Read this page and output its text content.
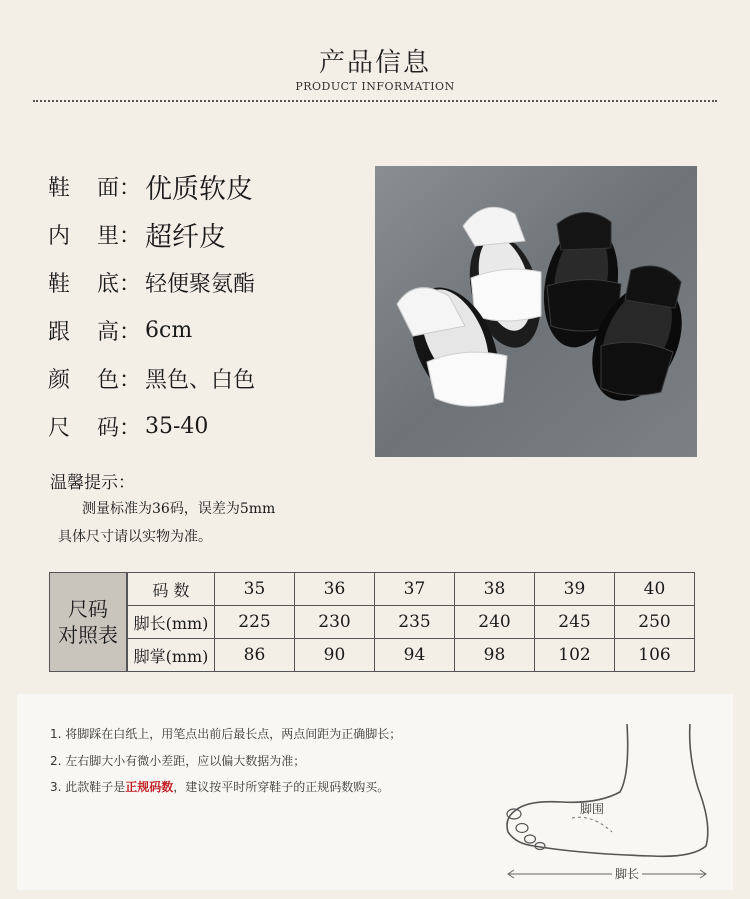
产品信息
PRODUCT INFORMATION
鞋 面 ： 优质软皮
内 里 ： 超纤皮
鞋 底 ： 轻便聚氨酯
跟 高 ： 6cm
颜 色 ： 黑色、白色
尺 码 ： 35-40
温馨提示：
测量标准为36码，误差为5mm
具体尺寸请以实物为准。
尺码
对照表	码 数	35	36	37	38	39	40
	脚长(mm)	225	230	235	240	245	250
	脚掌(mm)	86	90	94	98	102	106
1. 将脚踩在白纸上，用笔点出前后最长点，两点间距为正确脚长；
2. 左右脚大小有微小差距，应以偏大数据为准；
3. 此款鞋子是正规码数，建议按平时所穿鞋子的正规码数购买。
脚围
脚长
